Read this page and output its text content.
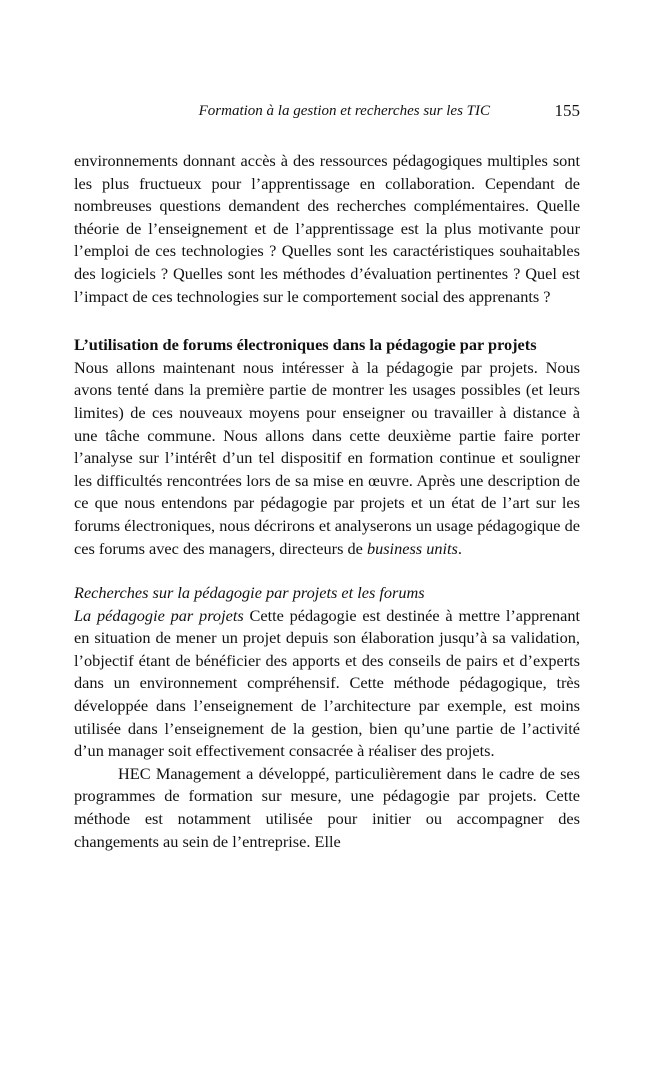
Formation à la gestion et recherches sur les TIC	155

environnements donnant accès à des ressources pédagogiques multiples sont les plus fructueux pour l’apprentissage en collaboration. Cependant de nombreuses questions demandent des recherches complémentaires. Quelle théorie de l’enseignement et de l’apprentissage est la plus motivante pour l’emploi de ces technologies ? Quelles sont les caractéristiques souhaitables des logiciels ? Quelles sont les méthodes d’évaluation pertinentes ? Quel est l’impact de ces technologies sur le comportement social des apprenants ?

L’utilisation de forums électroniques dans la pédagogie par projets

Nous allons maintenant nous intéresser à la pédagogie par projets. Nous avons tenté dans la première partie de montrer les usages possibles (et leurs limites) de ces nouveaux moyens pour enseigner ou travailler à distance à une tâche commune. Nous allons dans cette deuxième partie faire porter l’analyse sur l’intérêt d’un tel dispositif en formation continue et souligner les difficultés rencontrées lors de sa mise en œuvre. Après une description de ce que nous entendons par pédagogie par projets et un état de l’art sur les forums électroniques, nous décrirons et analyserons un usage pédagogique de ces forums avec des managers, directeurs de business units.

Recherches sur la pédagogie par projets et les forums

La pédagogie par projets Cette pédagogie est destinée à mettre l’apprenant en situation de mener un projet depuis son élaboration jusqu’à sa validation, l’objectif étant de bénéficier des apports et des conseils de pairs et d’experts dans un environnement compréhensif. Cette méthode pédagogique, très développée dans l’enseignement de l’architecture par exemple, est moins utilisée dans l’enseignement de la gestion, bien qu’une partie de l’activité d’un manager soit effectivement consacrée à réaliser des projets.

HEC Management a développé, particulièrement dans le cadre de ses programmes de formation sur mesure, une pédagogie par projets. Cette méthode est notamment utilisée pour initier ou accompagner des changements au sein de l’entreprise. Elle
